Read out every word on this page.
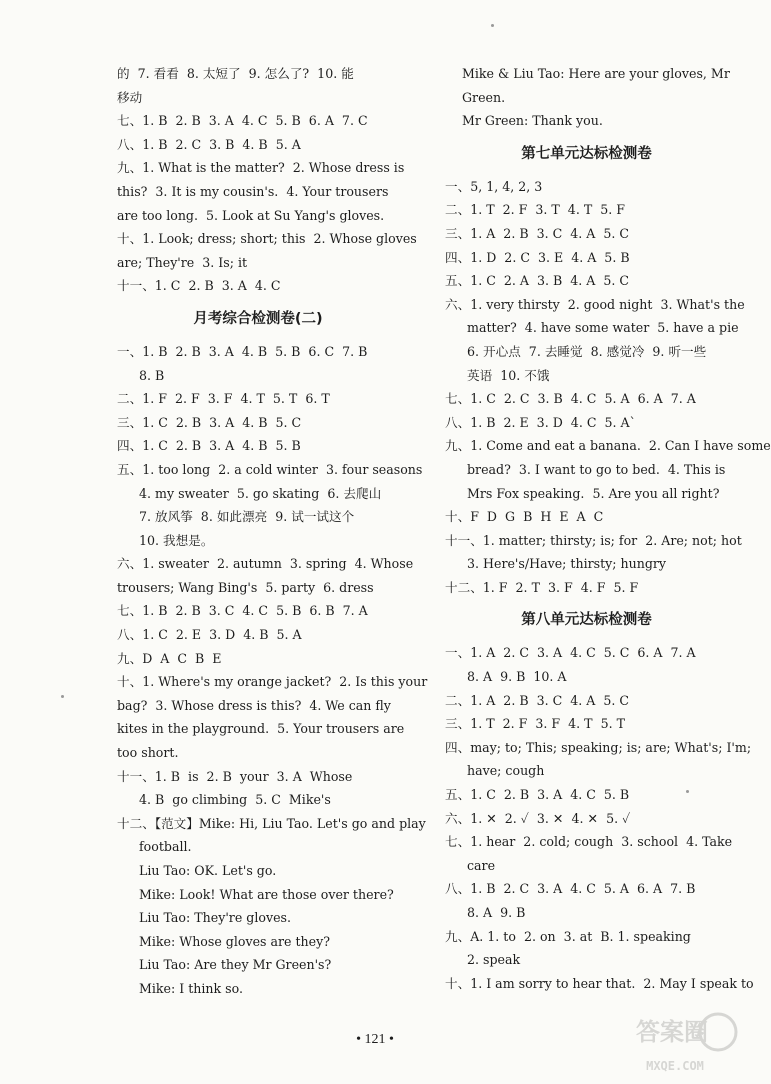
的  7. 看看  8. 太短了  9. 怎么了?  10. 能
移动
七、1. B  2. B  3. A  4. C  5. B  6. A  7. C
八、1. B  2. C  3. B  4. B  5. A
九、1. What is the matter?  2. Whose dress is
this?  3. It is my cousin's.  4. Your trousers
are too long.  5. Look at Su Yang's gloves.
十、1. Look; dress; short; this  2. Whose gloves
are; They're  3. Is; it
十一、1. C  2. B  3. A  4. C
月考综合检测卷(二)
一、1. B  2. B  3. A  4. B  5. B  6. C  7. B
8. B
二、1. F  2. F  3. F  4. T  5. T  6. T
三、1. C  2. B  3. A  4. B  5. C
四、1. C  2. B  3. A  4. B  5. B
五、1. too long  2. a cold winter  3. four seasons
4. my sweater  5. go skating  6. 去爬山
7. 放风筝  8. 如此漂亮  9. 试一试这个
10. 我想是。
六、1. sweater  2. autumn  3. spring  4. Whose
trousers; Wang Bing's  5. party  6. dress
七、1. B  2. B  3. C  4. C  5. B  6. B  7. A
八、1. C  2. E  3. D  4. B  5. A
九、D  A  C  B  E
十、1. Where's my orange jacket?  2. Is this your
bag?  3. Whose dress is this?  4. We can fly
kites in the playground.  5. Your trousers are
too short.
十一、1. B  is  2. B  your  3. A  Whose
4. B  go climbing  5. C  Mike's
十二、【范文】Mike: Hi, Liu Tao. Let's go and play
football.
Liu Tao: OK. Let's go.
Mike: Look! What are those over there?
Liu Tao: They're gloves.
Mike: Whose gloves are they?
Liu Tao: Are they Mr Green's?
Mike: I think so.
Mike & Liu Tao: Here are your gloves, Mr
Green.
Mr Green: Thank you.
第七单元达标检测卷
一、5, 1, 4, 2, 3
二、1. T  2. F  3. T  4. T  5. F
三、1. A  2. B  3. C  4. A  5. C
四、1. D  2. C  3. E  4. A  5. B
五、1. C  2. A  3. B  4. A  5. C
六、1. very thirsty  2. good night  3. What's the
matter?  4. have some water  5. have a pie
6. 开心点  7. 去睡觉  8. 感觉冷  9. 听一些
英语  10. 不饿
七、1. C  2. C  3. B  4. C  5. A  6. A  7. A
八、1. B  2. E  3. D  4. C  5. A`
九、1. Come and eat a banana.  2. Can I have some
bread?  3. I want to go to bed.  4. This is
Mrs Fox speaking.  5. Are you all right?
十、F  D  G  B  H  E  A  C
十一、1. matter; thirsty; is; for  2. Are; not; hot
3. Here's/Have; thirsty; hungry
十二、1. F  2. T  3. F  4. F  5. F
第八单元达标检测卷
一、1. A  2. C  3. A  4. C  5. C  6. A  7. A
8. A  9. B  10. A
二、1. A  2. B  3. C  4. A  5. C
三、1. T  2. F  3. F  4. T  5. T
四、may; to; This; speaking; is; are; What's; I'm;
have; cough
五、1. C  2. B  3. A  4. C  5. B
六、1. ✕  2. ✓  3. ✕  4. ✕  5. ✓
七、1. hear  2. cold; cough  3. school  4. Take
care
八、1. B  2. C  3. A  4. C  5. A  6. A  7. B
8. A  9. B
九、A. 1. to  2. on  3. at  B. 1. speaking
2. speak
十、1. I am sorry to hear that.  2. May I speak to
• 121 •	答案圈
MXQE.COM
